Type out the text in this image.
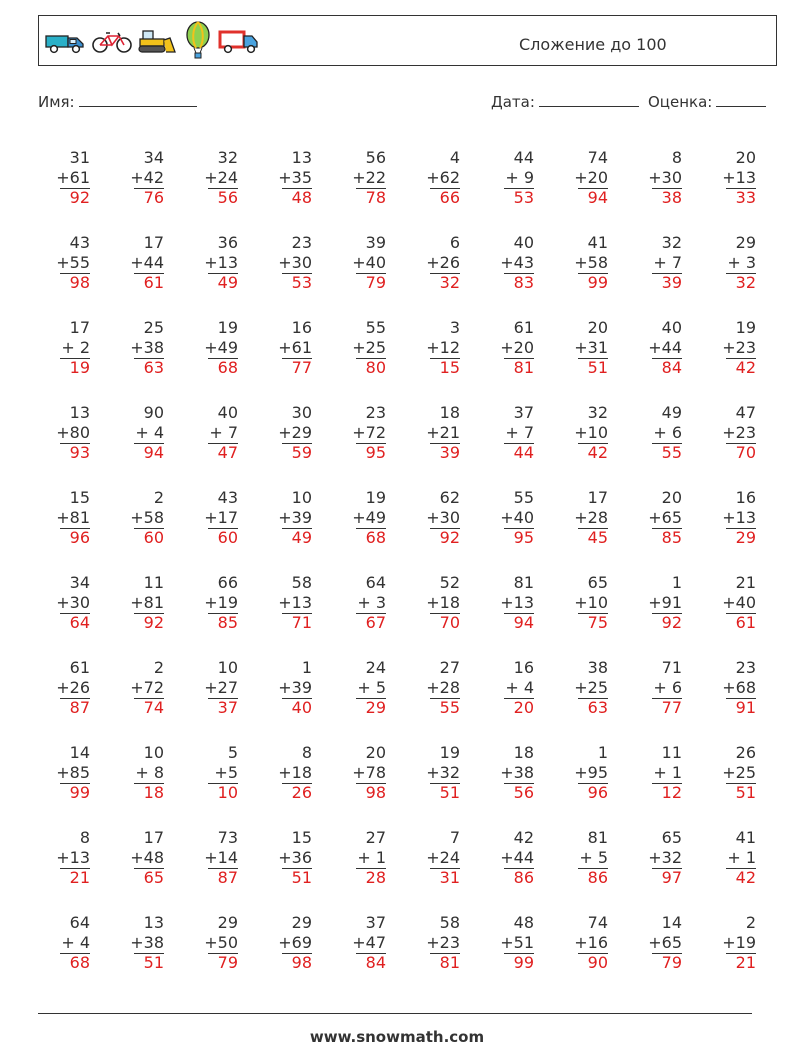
Сложение до 100
Имя:	Дата:	Оценка:
31
+61
92
34
+42
76
32
+24
56
13
+35
48
56
+22
78
4
+62
66
44
+ 9
53
74
+20
94
8
+30
38
20
+13
33
43
+55
98
17
+44
61
36
+13
49
23
+30
53
39
+40
79
6
+26
32
40
+43
83
41
+58
99
32
+ 7
39
29
+ 3
32
17
+ 2
19
25
+38
63
19
+49
68
16
+61
77
55
+25
80
3
+12
15
61
+20
81
20
+31
51
40
+44
84
19
+23
42
13
+80
93
90
+ 4
94
40
+ 7
47
30
+29
59
23
+72
95
18
+21
39
37
+ 7
44
32
+10
42
49
+ 6
55
47
+23
70
15
+81
96
2
+58
60
43
+17
60
10
+39
49
19
+49
68
62
+30
92
55
+40
95
17
+28
45
20
+65
85
16
+13
29
34
+30
64
11
+81
92
66
+19
85
58
+13
71
64
+ 3
67
52
+18
70
81
+13
94
65
+10
75
1
+91
92
21
+40
61
61
+26
87
2
+72
74
10
+27
37
1
+39
40
24
+ 5
29
27
+28
55
16
+ 4
20
38
+25
63
71
+ 6
77
23
+68
91
14
+85
99
10
+ 8
18
5
+5
10
8
+18
26
20
+78
98
19
+32
51
18
+38
56
1
+95
96
11
+ 1
12
26
+25
51
8
+13
21
17
+48
65
73
+14
87
15
+36
51
27
+ 1
28
7
+24
31
42
+44
86
81
+ 5
86
65
+32
97
41
+ 1
42
64
+ 4
68
13
+38
51
29
+50
79
29
+69
98
37
+47
84
58
+23
81
48
+51
99
74
+16
90
14
+65
79
2
+19
21
www.snowmath.com
